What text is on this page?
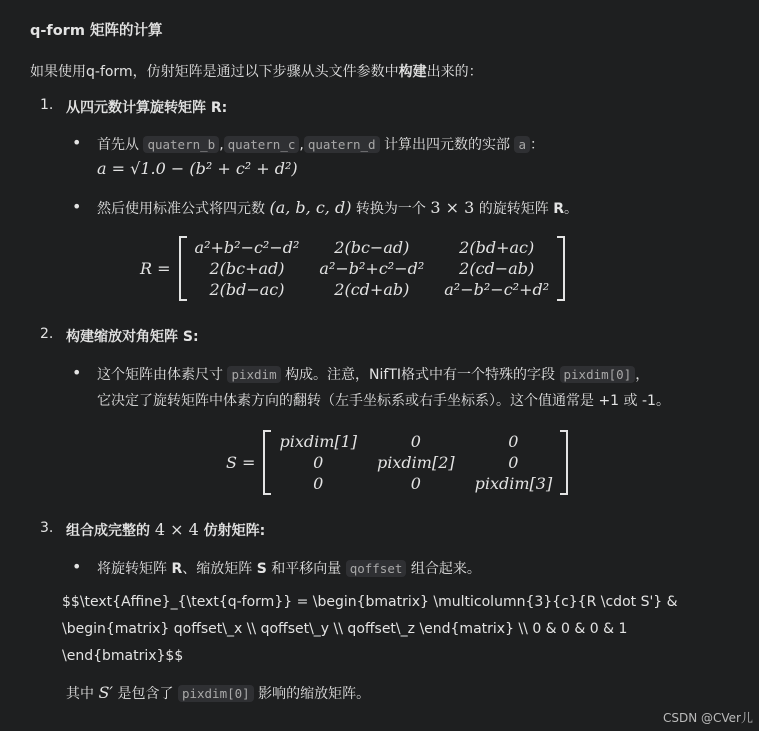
q-form 矩阵的计算
如果使用q-form，仿射矩阵是通过以下步骤从头文件参数中构建出来的：
1. 从四元数计算旋转矩阵 R:
• 首先从 quatern_b , quatern_c , quatern_d 计算出四元数的实部 a ：
a = √1.0 − (b² + c² + d²)
• 然后使用标准公式将四元数 (a, b, c, d) 转换为一个 3 × 3 的旋转矩阵 R。
R =
a²+b²−c²−d²	2(bc−ad)	2(bd+ac)
2(bc+ad)	a²−b²+c²−d²	2(cd−ab)
2(bd−ac)	2(cd+ab)	a²−b²−c²+d²
2. 构建缩放对角矩阵 S:
• 这个矩阵由体素尺寸 pixdim 构成。注意，NifTI格式中有一个特殊的字段 pixdim[0] ，
它决定了旋转矩阵中体素方向的翻转（左手坐标系或右手坐标系）。这个值通常是 +1 或 -1。
S =
pixdim[1]	0	0
0	pixdim[2]	0
0	0	pixdim[3]
3. 组合成完整的 4 × 4 仿射矩阵:
• 将旋转矩阵 R、缩放矩阵 S 和平移向量 qoffset 组合起来。
$$\text{Affine}_{\text{q-form}} = \begin{bmatrix} \multicolumn{3}{c}{R \cdot S'} &
\begin{matrix} qoffset\_x \\ qoffset\_y \\ qoffset\_z \end{matrix} \\ 0 & 0 & 0 & 1
\end{bmatrix}$$
其中 S′ 是包含了 pixdim[0] 影响的缩放矩阵。
CSDN @CVer儿
